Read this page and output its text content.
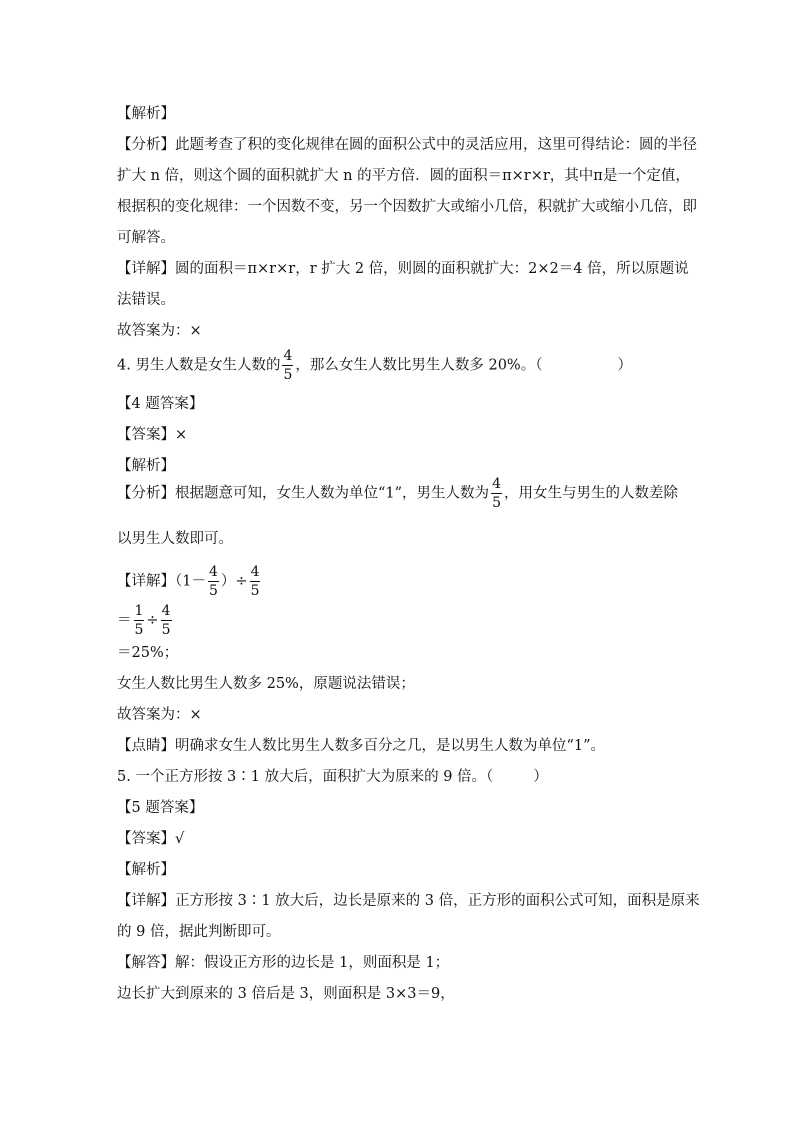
【解析】
【分析】此题考查了积的变化规律在圆的面积公式中的灵活应用，这里可得结论：圆的半径
扩大 n 倍，则这个圆的面积就扩大 n 的平方倍．圆的面积＝π×r×r，其中π是一个定值，
根据积的变化规律：一个因数不变，另一个因数扩大或缩小几倍，积就扩大或缩小几倍，即
可解答。
【详解】圆的面积＝π×r×r，r 扩大 2 倍，则圆的面积就扩大：2×2＝4 倍，所以原题说
法错误。
故答案为：×
4. 男生人数是女生人数的 $\frac{4}{5}$ ，那么女生人数比男生人数多 20%。（	）
【4 题答案】
【答案】×
【解析】
【分析】根据题意可知，女生人数为单位“1”，男生人数为 $\frac{4}{5}$ ，用女生与男生的人数差除
以男生人数即可。
【详解】（$1- \frac{4}{5}$ ）÷ $\frac{4}{5}$
＝ $\frac{1}{5} \div \frac{4}{5}$
＝25%；
女生人数比男生人数多 25%，原题说法错误；
故答案为：×
【点睛】明确求女生人数比男生人数多百分之几，是以男生人数为单位“1”。
5. 一个正方形按 3∶1 放大后，面积扩大为原来的 9 倍。（	）
【5 题答案】
【答案】√
【解析】
【详解】正方形按 3∶1 放大后，边长是原来的 3 倍，正方形的面积公式可知，面积是原来
的 9 倍，据此判断即可。
【解答】解：假设正方形的边长是 1，则面积是 1；
边长扩大到原来的 3 倍后是 3，则面积是 3×3＝9，
